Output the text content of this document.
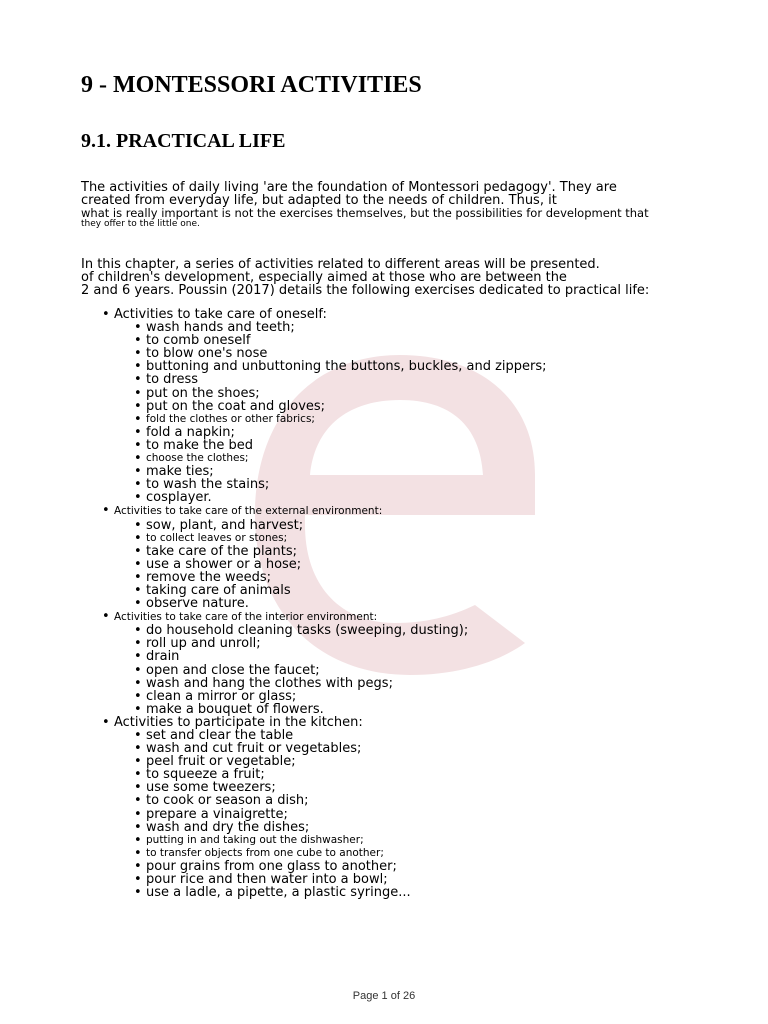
9 - MONTESSORI ACTIVITIES
9.1. PRACTICAL LIFE
The activities of daily living 'are the foundation of Montessori pedagogy'. They are
created from everyday life, but adapted to the needs of children. Thus, it
what is really important is not the exercises themselves, but the possibilities for development that
they offer to the little one.
In this chapter, a series of activities related to different areas will be presented.
of children's development, especially aimed at those who are between the
2 and 6 years. Poussin (2017) details the following exercises dedicated to practical life:
• Activities to take care of oneself:
• wash hands and teeth;
• to comb oneself
• to blow one's nose
• buttoning and unbuttoning the buttons, buckles, and zippers;
• to dress
• put on the shoes;
• put on the coat and gloves;
• fold the clothes or other fabrics;
• fold a napkin;
• to make the bed
• choose the clothes;
• make ties;
• to wash the stains;
• cosplayer.
• Activities to take care of the external environment:
• sow, plant, and harvest;
• to collect leaves or stones;
• take care of the plants;
• use a shower or a hose;
• remove the weeds;
• taking care of animals
• observe nature.
• Activities to take care of the interior environment:
• do household cleaning tasks (sweeping, dusting);
• roll up and unroll;
• drain
• open and close the faucet;
• wash and hang the clothes with pegs;
• clean a mirror or glass;
• make a bouquet of flowers.
• Activities to participate in the kitchen:
• set and clear the table
• wash and cut fruit or vegetables;
• peel fruit or vegetable;
• to squeeze a fruit;
• use some tweezers;
• to cook or season a dish;
• prepare a vinaigrette;
• wash and dry the dishes;
• putting in and taking out the dishwasher;
• to transfer objects from one cube to another;
• pour grains from one glass to another;
• pour rice and then water into a bowl;
• use a ladle, a pipette, a plastic syringe...
Page 1 of 26
